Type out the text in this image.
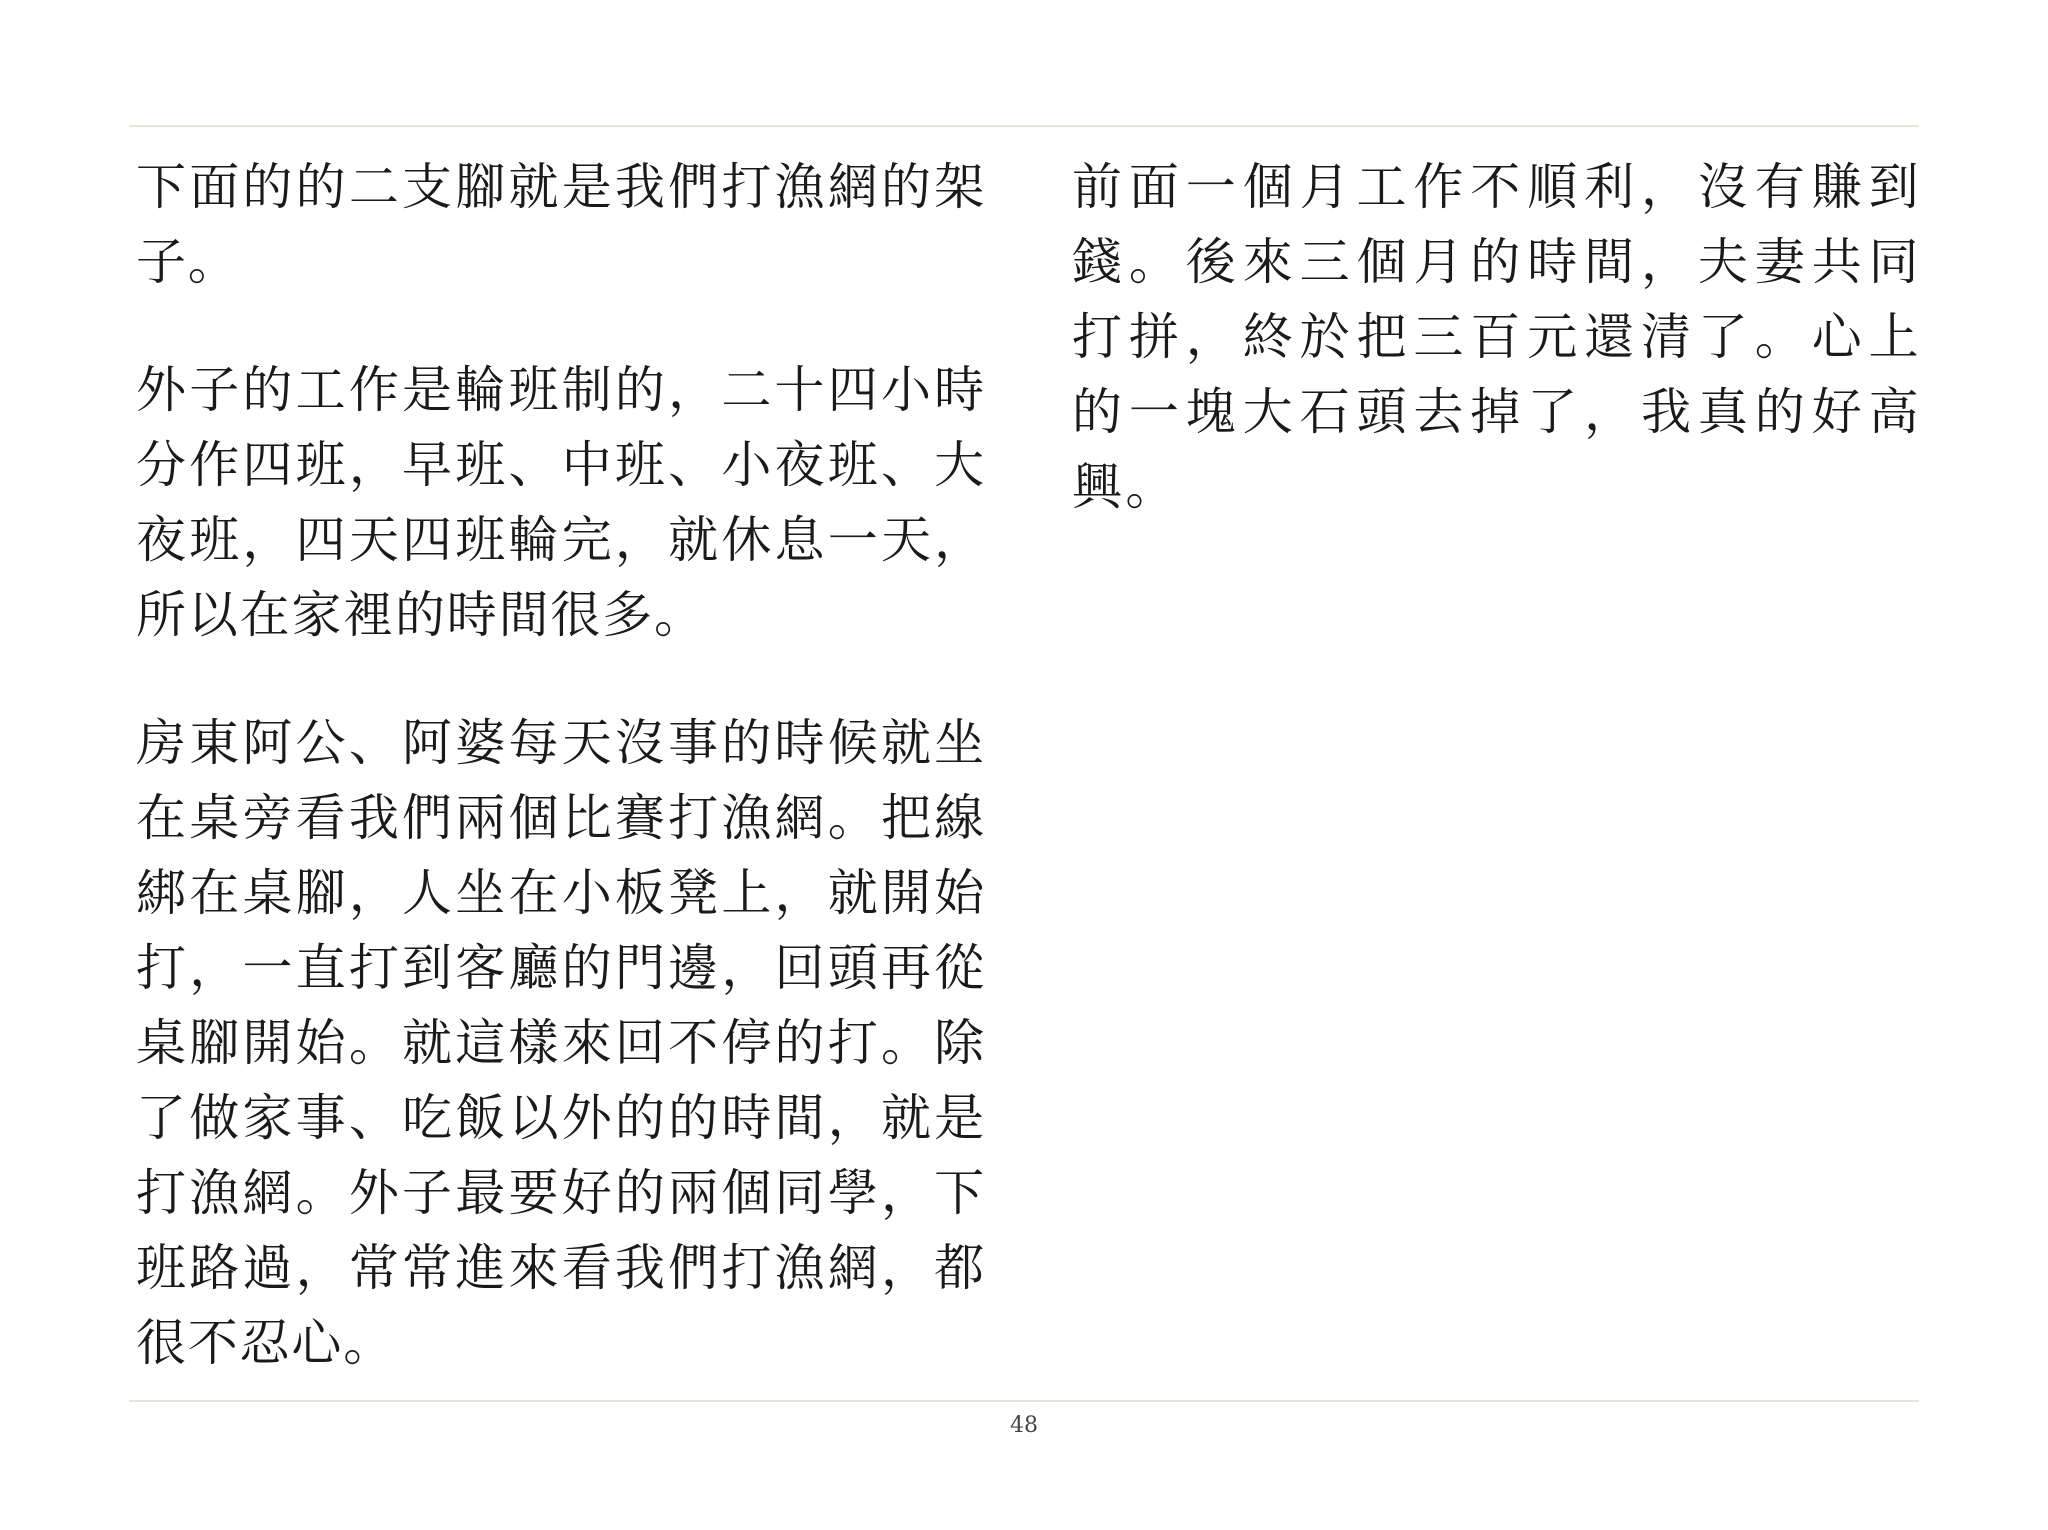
下面的的二支腳就是我們打漁網的架子。

外子的工作是輪班制的，二十四小時分作四班，早班、中班、小夜班、大夜班，四天四班輪完，就休息一天，所以在家裡的時間很多。

房東阿公、阿婆每天沒事的時候就坐在桌旁看我們兩個比賽打漁網。把線綁在桌腳，人坐在小板凳上，就開始打，一直打到客廳的門邊，回頭再從桌腳開始。就這樣來回不停的打。除了做家事、吃飯以外的的時間，就是打漁網。外子最要好的兩個同學，下班路過，常常進來看我們打漁網，都很不忍心。

前面一個月工作不順利，沒有賺到錢。後來三個月的時間，夫妻共同打拼，終於把三百元還清了。心上的一塊大石頭去掉了，我真的好高興。

48
